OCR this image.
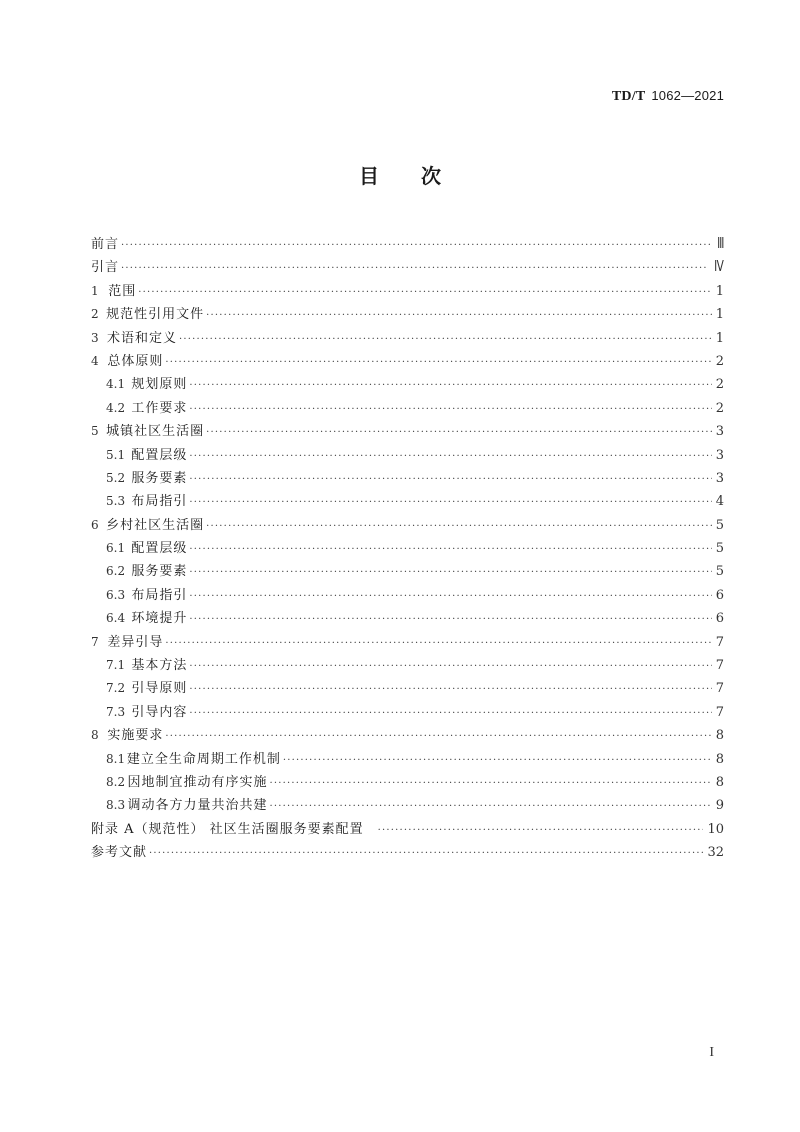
TD/T 1062—2021
目次
前言 ·····	Ⅲ
引言 ·····	Ⅳ
1 范围 ·····	1
2 规范性引用文件 ·····	1
3 术语和定义 ·····	1
4 总体原则 ·····	2
4.1 规划原则 ·····	2
4.2 工作要求 ·····	2
5 城镇社区生活圈 ·····	3
5.1 配置层级 ·····	3
5.2 服务要素 ·····	3
5.3 布局指引 ·····	4
6 乡村社区生活圈 ·····	5
6.1 配置层级 ·····	5
6.2 服务要素 ·····	5
6.3 布局指引 ·····	6
6.4 环境提升 ·····	6
7 差异引导 ·····	7
7.1 基本方法 ·····	7
7.2 引导原则 ·····	7
7.3 引导内容 ·····	7
8 实施要求 ·····	8
8.1 建立全生命周期工作机制 ·····	8
8.2 因地制宜推动有序实施 ·····	8
8.3 调动各方力量共治共建 ·····	9
附录 A（规范性） 社区生活圈服务要素配置 ·····	10
参考文献 ·····	32
I
